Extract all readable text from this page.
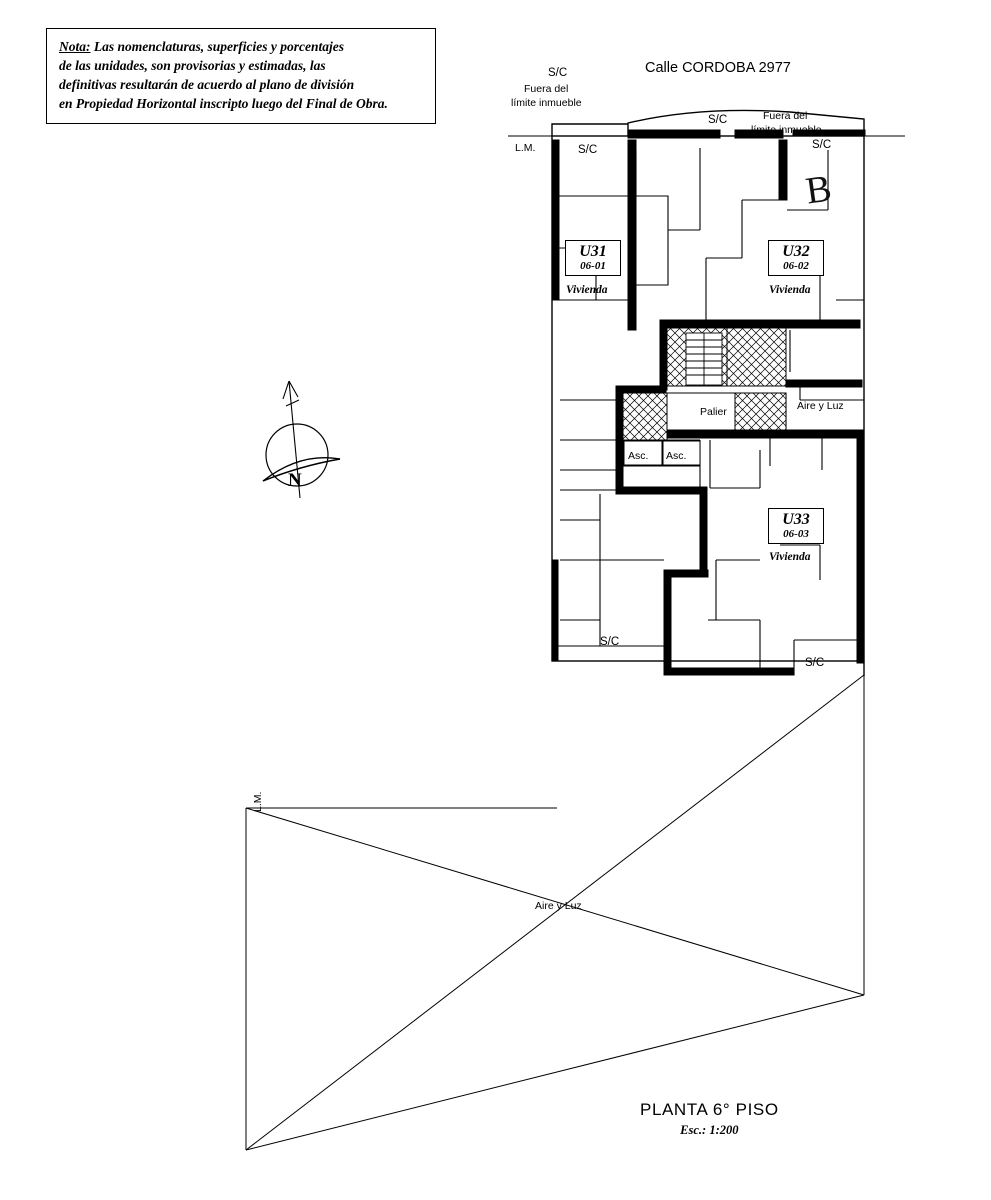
Nota: Las nomenclaturas, superficies y porcentajes

de las unidades, son provisorias y estimadas, las

definitivas resultarán de acuerdo al plano de división

en Propiedad Horizontal inscripto luego del Final de Obra.

Calle CORDOBA 2977
S/C
S/C
S/C
S/C
S/C
S/C
Fuera del
límite inmueble
Fuera del
límite inmueble
L.M.
L.M.
U31
06-01
Vivienda
U32
06-02
Vivienda
U33
06-03
Vivienda
Palier
Asc. Asc.
Aire y Luz
Aire y Luz
B
N
PLANTA 6° PISO
Esc.: 1:200
